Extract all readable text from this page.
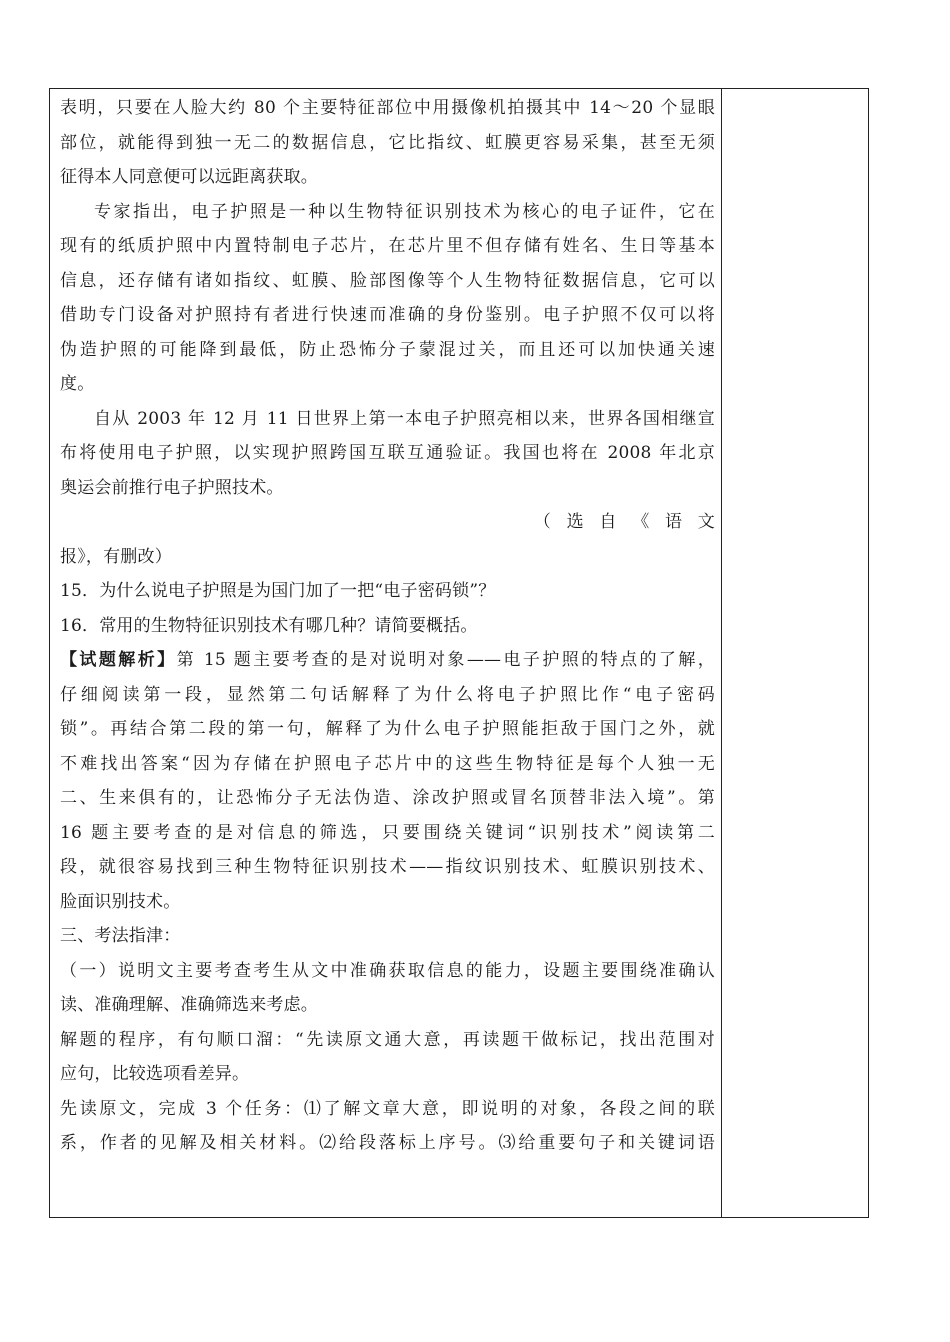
表明，只要在人脸大约 80 个主要特征部位中用摄像机拍摄其中 14～20 个显眼
部位，就能得到独一无二的数据信息，它比指纹、虹膜更容易采集，甚至无须
征得本人同意便可以远距离获取。
专家指出，电子护照是一种以生物特征识别技术为核心的电子证件，它在
现有的纸质护照中内置特制电子芯片，在芯片里不但存储有姓名、生日等基本
信息，还存储有诸如指纹、虹膜、脸部图像等个人生物特征数据信息，它可以
借助专门设备对护照持有者进行快速而准确的身份鉴别。电子护照不仅可以将
伪造护照的可能降到最低，防止恐怖分子蒙混过关，而且还可以加快通关速
度。
自从 2003 年 12 月 11 日世界上第一本电子护照亮相以来，世界各国相继宣
布将使用电子护照，以实现护照跨国互联互通验证。我国也将在 2008 年北京
奥运会前推行电子护照技术。
（ 选 自 《 语 文
报》，有删改）
15．为什么说电子护照是为国门加了一把“电子密码锁”？
16．常用的生物特征识别技术有哪几种？请简要概括。
【试题解析】第 15 题主要考查的是对说明对象——电子护照的特点的了解，
仔细阅读第一段，显然第二句话解释了为什么将电子护照比作“电子密码
锁”。再结合第二段的第一句，解释了为什么电子护照能拒敌于国门之外，就
不难找出答案“因为存储在护照电子芯片中的这些生物特征是每个人独一无
二、生来俱有的，让恐怖分子无法伪造、涂改护照或冒名顶替非法入境”。第
16 题主要考查的是对信息的筛选，只要围绕关键词“识别技术”阅读第二
段，就很容易找到三种生物特征识别技术——指纹识别技术、虹膜识别技术、
脸面识别技术。
三、考法指津：
（一）说明文主要考查考生从文中准确获取信息的能力，设题主要围绕准确认
读、准确理解、准确筛选来考虑。
解题的程序，有句顺口溜：“先读原文通大意，再读题干做标记，找出范围对
应句，比较选项看差异。
先读原文，完成 3 个任务：⑴了解文章大意，即说明的对象，各段之间的联
系，作者的见解及相关材料。⑵给段落标上序号。⑶给重要句子和关键词语
